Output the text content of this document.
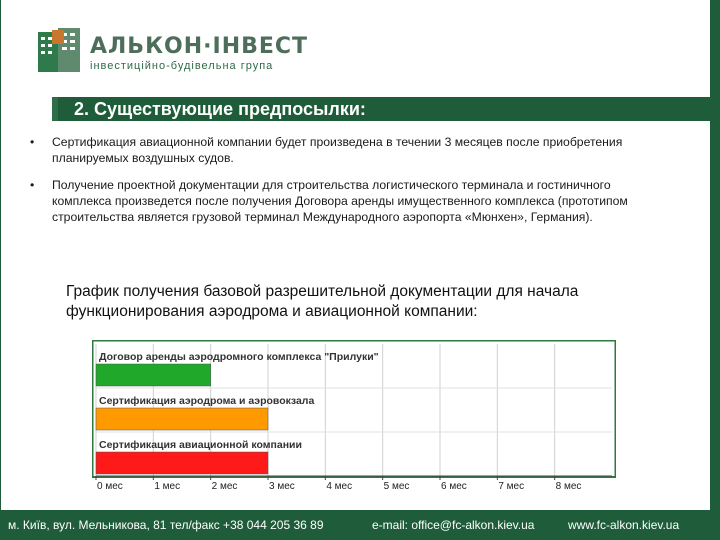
АЛЬКОН·ІНВЕСТ
інвестиційно-будівельна група
2. Существующие предпосылки:
• Сертификация авиационной компании будет произведена в течении 3 месяцев после приобретения планируемых воздушных судов.
• Получение проектной документации для строительства логистического терминала и гостиничного комплекса произведется после получения Договора аренды имущественного комплекса (прототипом строительства является грузовой терминал Международного аэропорта «Мюнхен», Германия).
График получения базовой разрешительной документации для начала функционирования аэродрома и авиационной компании:
Договор аренды аэродромного комплекса "Прилуки"
Сертификация аэродрома и аэровокзала
Сертификация авиационной компании
0 мес	1 мес	2 мес	3 мес	4 мес	5 мес	6 мес	7 мес	8 мес
м. Київ, вул. Мельникова, 81 тел/факс +38 044 205 36 89	e-mail: office@fc-alkon.kiev.ua	www.fc-alkon.kiev.ua
